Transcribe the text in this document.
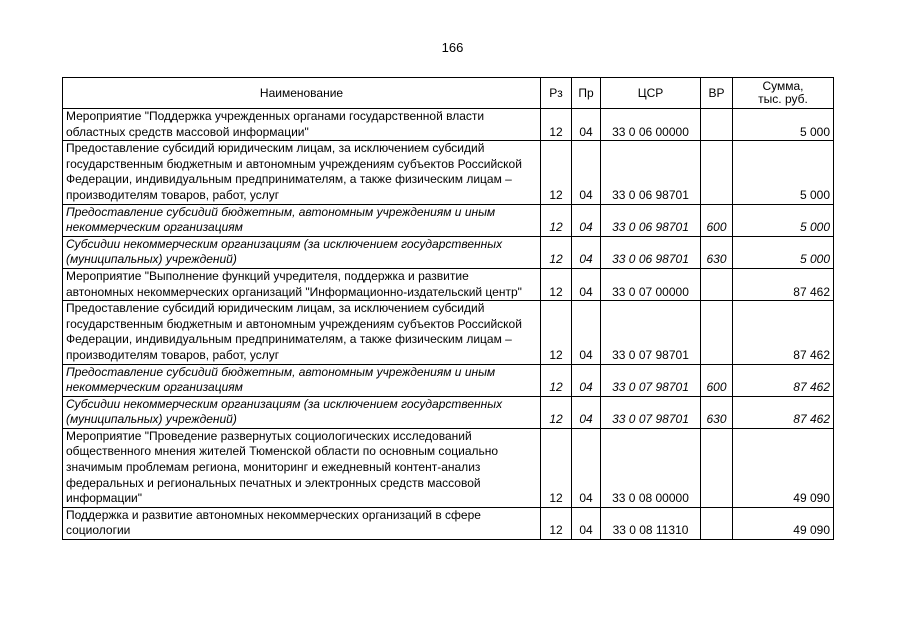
166
Наименование	Рз	Пр	ЦСР	ВР	Сумма,
тыс. руб.
Мероприятие "Поддержка учрежденных органами государственной власти областных средств массовой информации"	12	04	33 0 06 00000		5 000
Предоставление субсидий юридическим лицам, за исключением субсидий государственным бюджетным и автономным учреждениям субъектов Российской Федерации, индивидуальным предпринимателям, а также физическим лицам – производителям товаров, работ, услуг	12	04	33 0 06 98701		5 000
Предоставление субсидий бюджетным, автономным учреждениям и иным некоммерческим организациям	12	04	33 0 06 98701	600	5 000
Субсидии некоммерческим организациям (за исключением государственных (муниципальных) учреждений)	12	04	33 0 06 98701	630	5 000
Мероприятие "Выполнение функций учредителя, поддержка и развитие автономных некоммерческих организаций "Информационно-издательский центр"	12	04	33 0 07 00000		87 462
Предоставление субсидий юридическим лицам, за исключением субсидий государственным бюджетным и автономным учреждениям субъектов Российской Федерации, индивидуальным предпринимателям, а также физическим лицам – производителям товаров, работ, услуг	12	04	33 0 07 98701		87 462
Предоставление субсидий бюджетным, автономным учреждениям и иным некоммерческим организациям	12	04	33 0 07 98701	600	87 462
Субсидии некоммерческим организациям (за исключением государственных (муниципальных) учреждений)	12	04	33 0 07 98701	630	87 462
Мероприятие "Проведение развернутых социологических исследований общественного мнения жителей Тюменской области по основным социально значимым проблемам региона, мониторинг и ежедневный контент-анализ федеральных и региональных печатных и электронных средств массовой информации"	12	04	33 0 08 00000		49 090
Поддержка и развитие автономных некоммерческих организаций в сфере социологии	12	04	33 0 08 11310		49 090
